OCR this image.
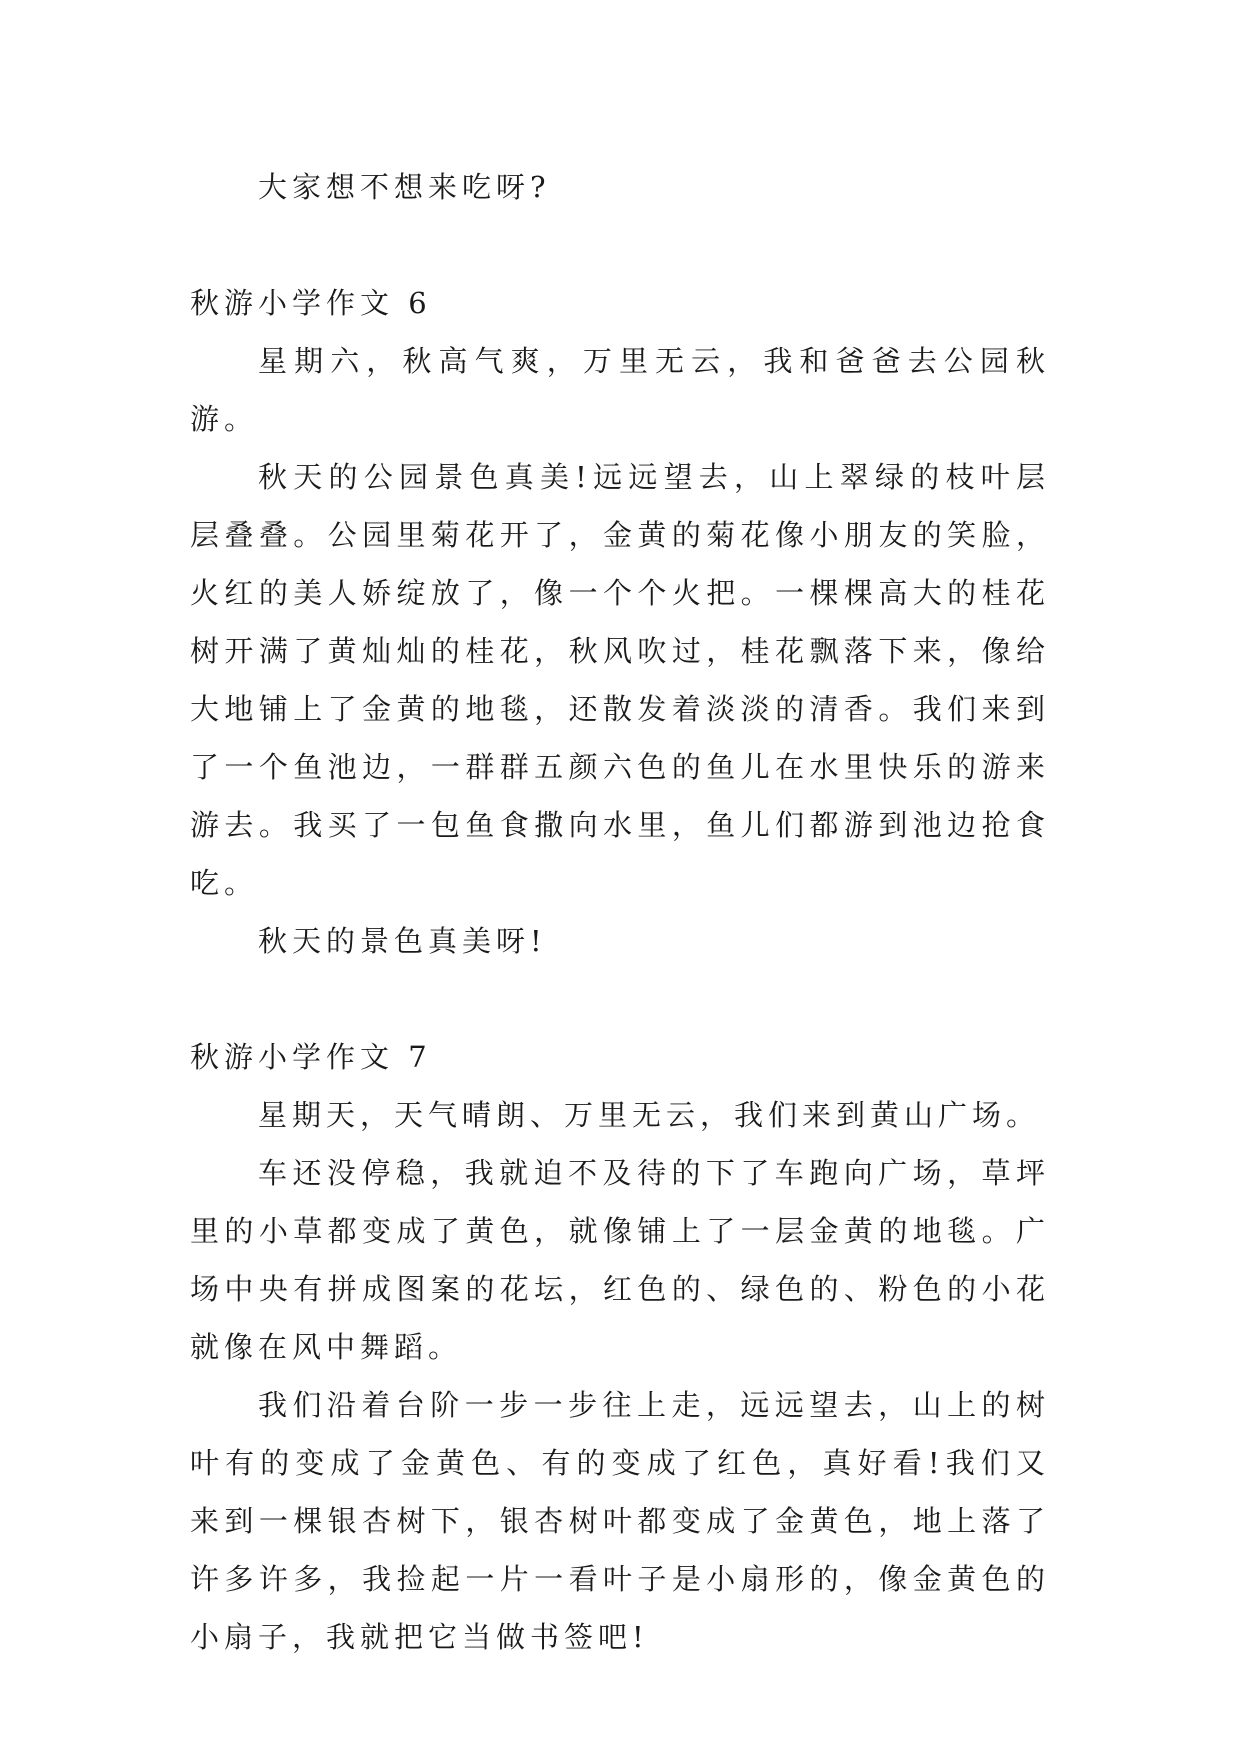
大家想不想来吃呀?

秋游小学作文 6

星期六，秋高气爽，万里无云，我和爸爸去公园秋游。

秋天的公园景色真美!远远望去，山上翠绿的枝叶层层叠叠。公园里菊花开了，金黄的菊花像小朋友的笑脸，火红的美人娇绽放了，像一个个火把。一棵棵高大的桂花树开满了黄灿灿的桂花，秋风吹过，桂花飘落下来，像给大地铺上了金黄的地毯，还散发着淡淡的清香。我们来到了一个鱼池边，一群群五颜六色的鱼儿在水里快乐的游来游去。我买了一包鱼食撒向水里，鱼儿们都游到池边抢食吃。

秋天的景色真美呀!

秋游小学作文 7

星期天，天气晴朗、万里无云，我们来到黄山广场。

车还没停稳，我就迫不及待的下了车跑向广场，草坪里的小草都变成了黄色，就像铺上了一层金黄的地毯。广场中央有拼成图案的花坛，红色的、绿色的、粉色的小花就像在风中舞蹈。

我们沿着台阶一步一步往上走，远远望去，山上的树叶有的变成了金黄色、有的变成了红色，真好看!我们又来到一棵银杏树下，银杏树叶都变成了金黄色，地上落了许多许多，我捡起一片一看叶子是小扇形的，像金黄色的小扇子，我就把它当做书签吧!
